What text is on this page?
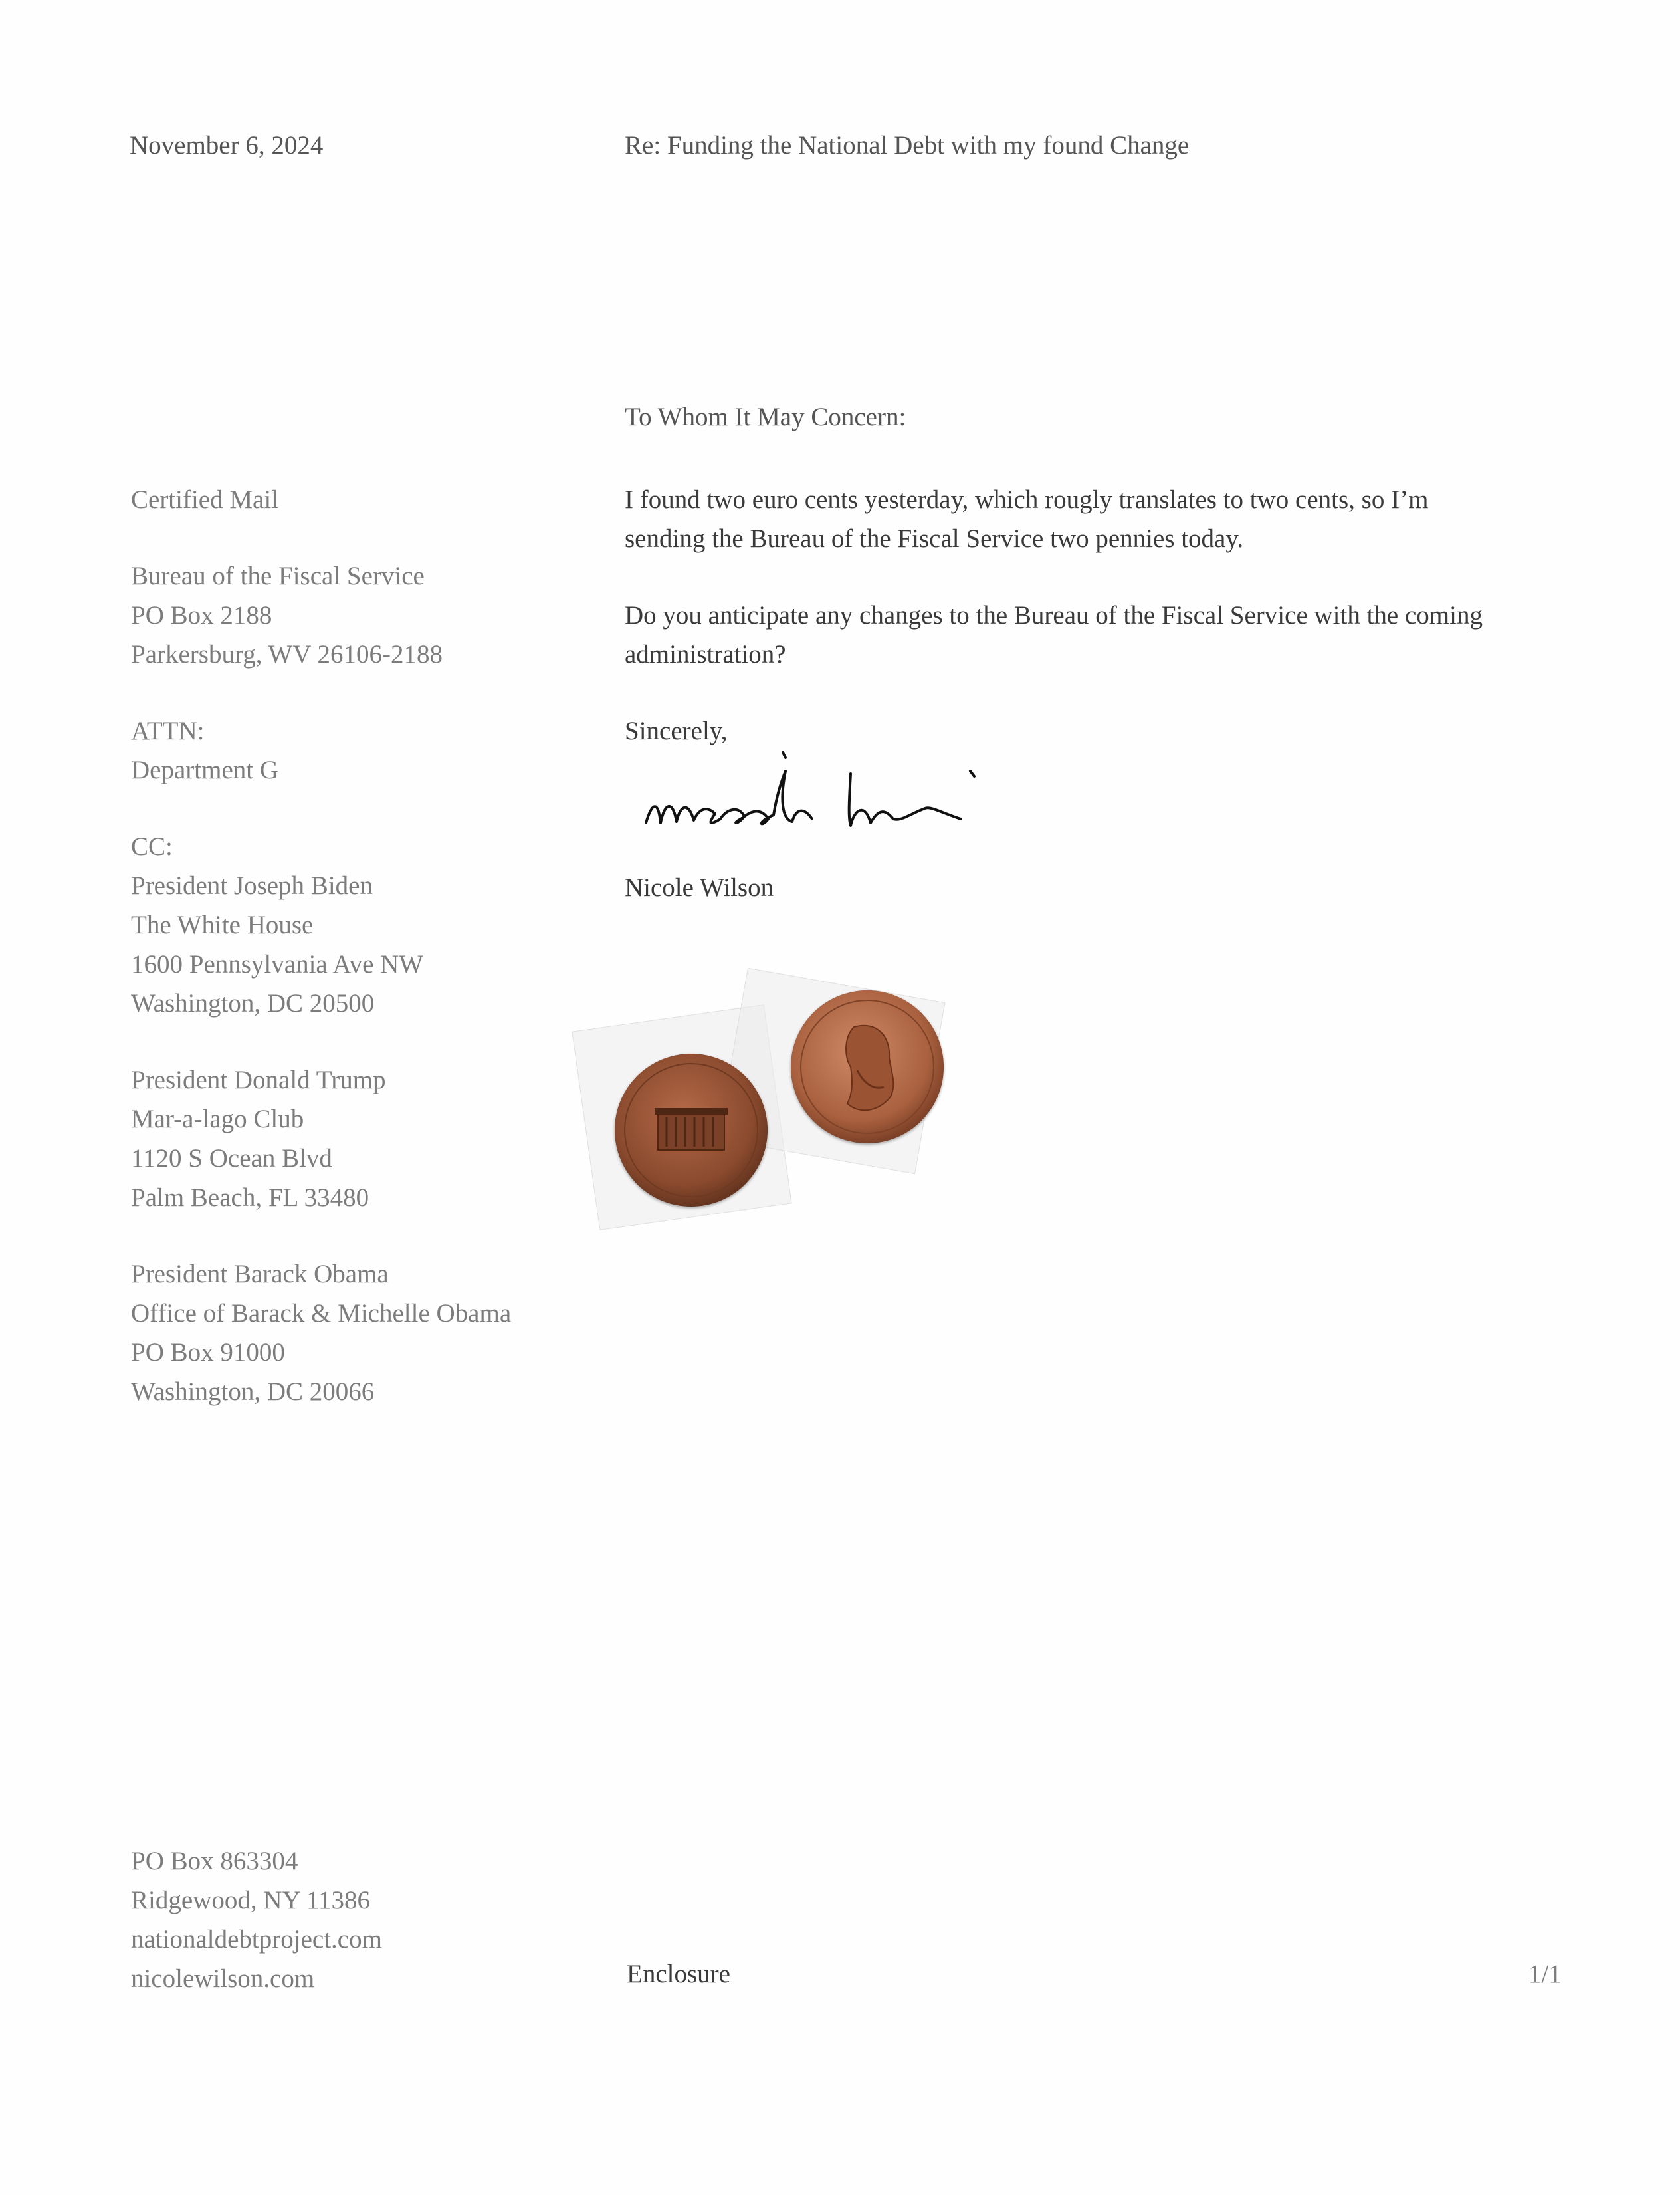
November 6, 2024	Re: Funding the National Debt with my found Change
To Whom It May Concern:
Certified Mail
Bureau of the Fiscal Service
PO Box 2188
Parkersburg, WV 26106-2188
ATTN:
Department G
CC:
President Joseph Biden
The White House
1600 Pennsylvania Ave NW
Washington, DC 20500
President Donald Trump
Mar-a-lago Club
1120 S Ocean Blvd
Palm Beach, FL 33480
President Barack Obama
Office of Barack & Michelle Obama
PO Box 91000
Washington, DC 20066
I found two euro cents yesterday, which rougly translates to two cents, so I’m
sending the Bureau of the Fiscal Service two pennies today.
Do you anticipate any changes to the Bureau of the Fiscal Service with the coming
administration?
Sincerely,
Nicole Wilson
PO Box 863304
Ridgewood, NY 11386
nationaldebtproject.com
nicolewilson.com	Enclosure	1/1
